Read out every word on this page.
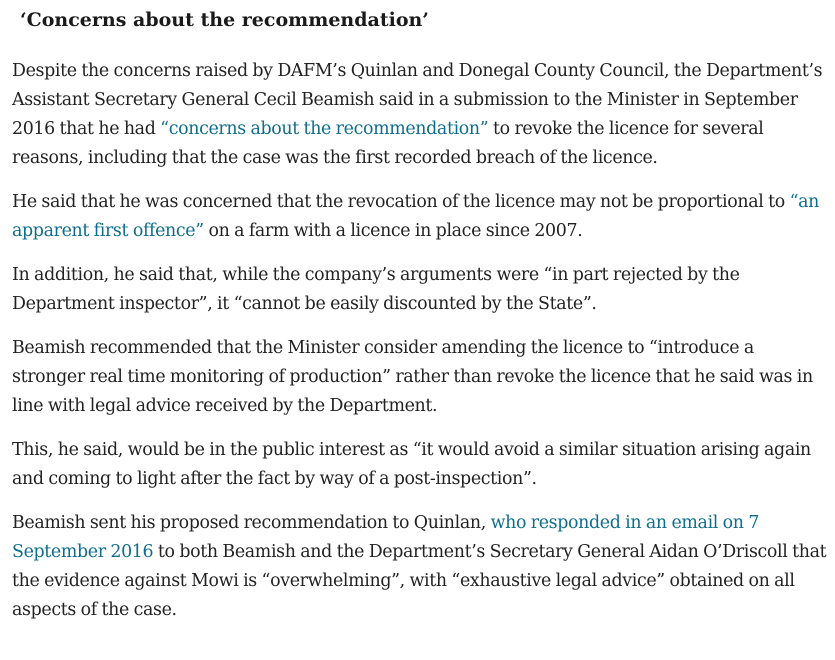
‘Concerns about the recommendation’

Despite the concerns raised by DAFM’s Quinlan and Donegal County Council, the Department’s Assistant Secretary General Cecil Beamish said in a submission to the Minister in September 2016 that he had “concerns about the recommendation” to revoke the licence for several reasons, including that the case was the first recorded breach of the licence.

He said that he was concerned that the revocation of the licence may not be proportional to “an apparent first offence” on a farm with a licence in place since 2007.

In addition, he said that, while the company’s arguments were “in part rejected by the Department inspector”, it “cannot be easily discounted by the State”.

Beamish recommended that the Minister consider amending the licence to “introduce a stronger real time monitoring of production” rather than revoke the licence that he said was in line with legal advice received by the Department.

This, he said, would be in the public interest as “it would avoid a similar situation arising again and coming to light after the fact by way of a post-inspection”.

Beamish sent his proposed recommendation to Quinlan, who responded in an email on 7 September 2016 to both Beamish and the Department’s Secretary General Aidan O’Driscoll that the evidence against Mowi is “overwhelming”, with “exhaustive legal advice” obtained on all aspects of the case.
